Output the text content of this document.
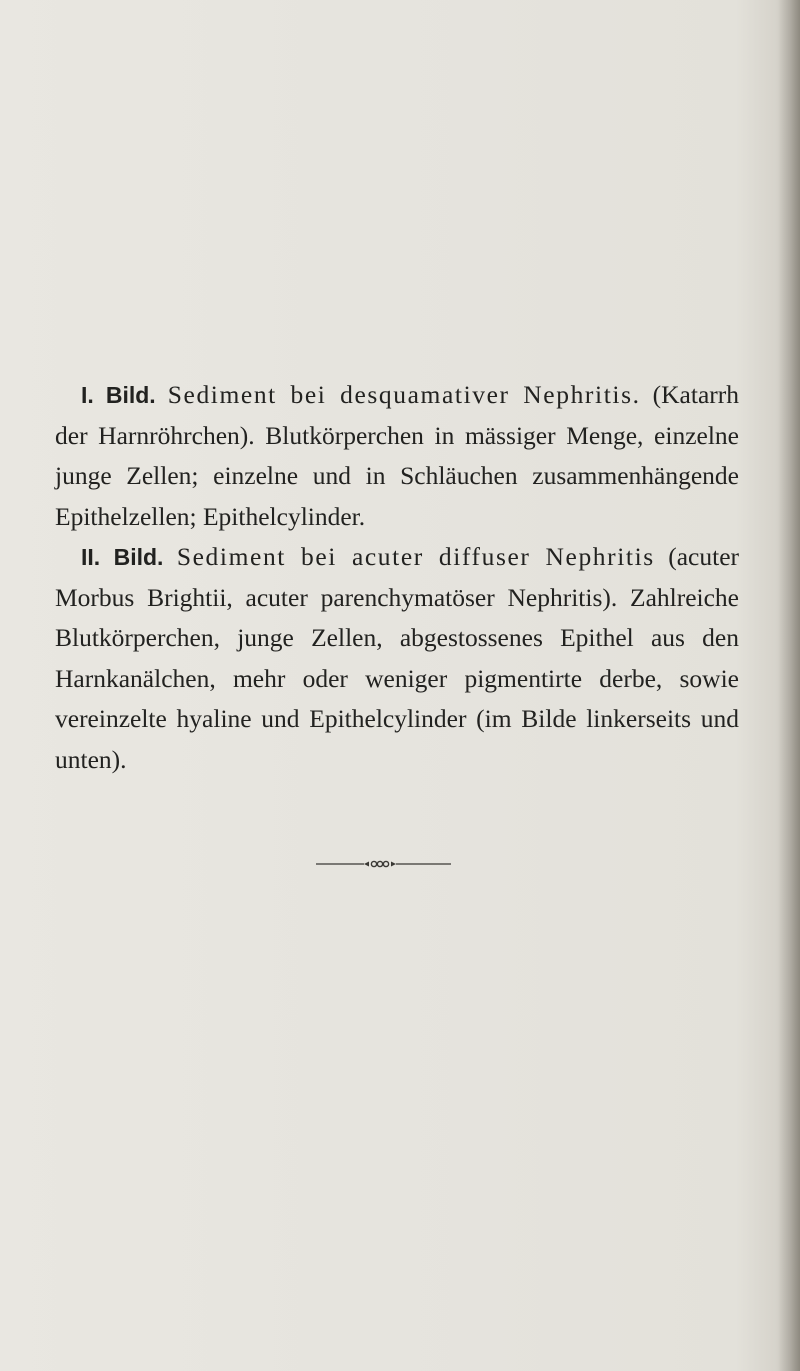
I. Bild. Sediment bei desquamativer Nephritis. (Katarrh der Harnröhrchen). Blutkörperchen in mässiger Menge, einzelne junge Zellen; einzelne und in Schläuchen zusammenhängende Epithelzellen; Epithelcylinder.

II. Bild. Sediment bei acuter diffuser Nephritis (acuter Morbus Brightii, acuter parenchymatöser Nephritis). Zahlreiche Blutkörperchen, junge Zellen, abgestossenes Epithel aus den Harnkanälchen, mehr oder weniger pigmentirte derbe, sowie vereinzelte hyaline und Epithelcylinder (im Bilde linkerseits und unten).
